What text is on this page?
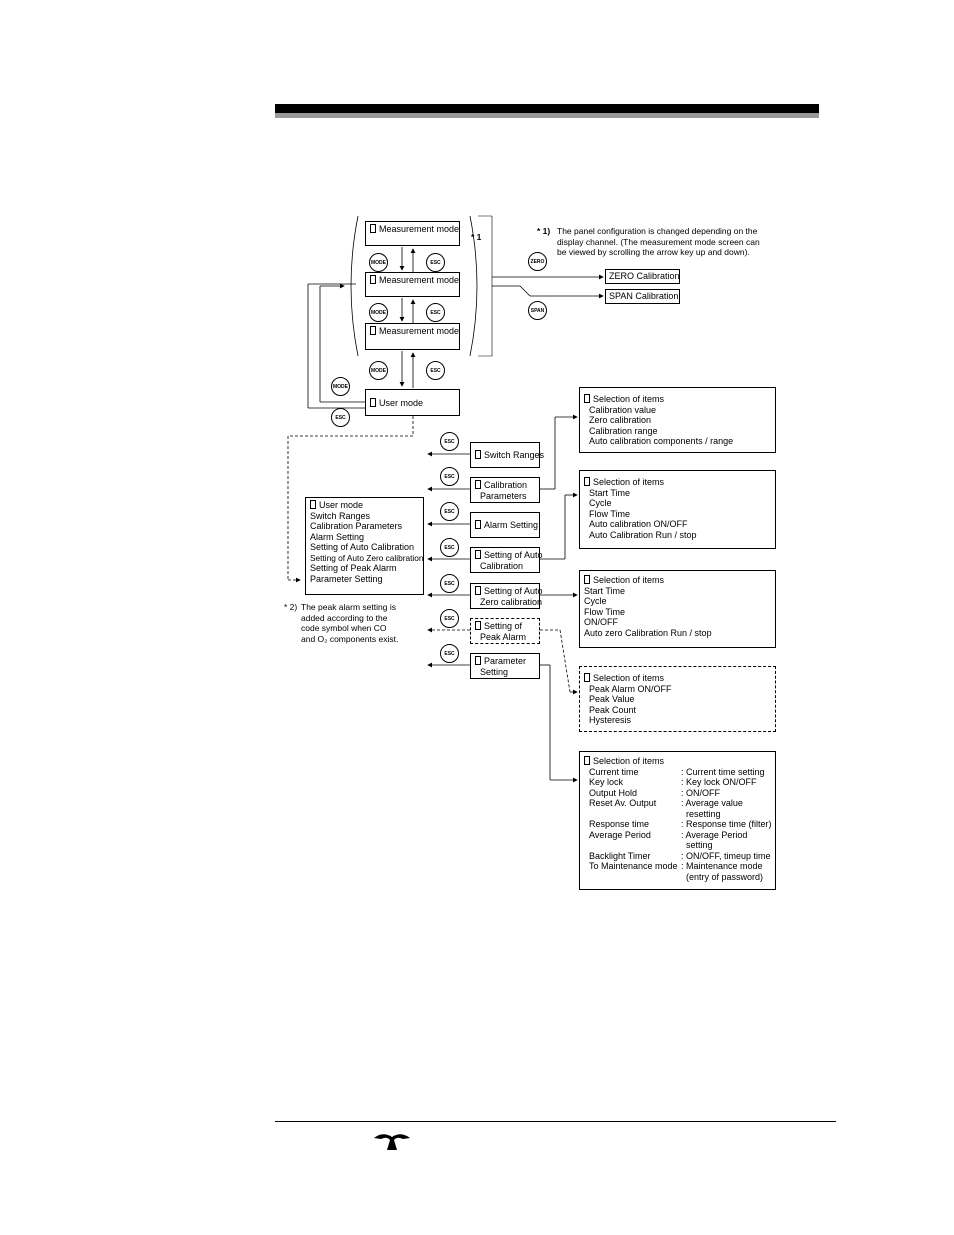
Measurement mode
Measurement mode
Measurement mode
* 1
User mode
MODE	ESC
MODE	ESC
MODE	ESC
MODE
ESC
ZERO
SPAN
* 1) The panel configuration is changed depending on the
display channel. (The measurement mode screen can
be viewed by scrolling the arrow key up and down).
ZERO Calibration
SPAN Calibration
User mode
Switch Ranges
Calibration Parameters
Alarm Setting
Setting of Auto Calibration
Setting of Auto Zero calibration
Setting of Peak Alarm
Parameter Setting
* 2) The peak alarm setting is
added according to the
code symbol when CO
and O₂ components exist.
ESC
ESC
ESC
ESC
ESC
ESC
ESC
Switch Ranges
Calibration
Parameters
Alarm Setting
Setting of Auto
Calibration
Setting of Auto
Zero calibration
Setting of
Peak Alarm
Parameter
Setting
Selection of items
Calibration value
Zero calibration
Calibration range
Auto calibration components / range
Selection of items
Start Time
Cycle
Flow Time
Auto calibration ON/OFF
Auto Calibration Run / stop
Selection of items
Start Time
Cycle
Flow Time
ON/OFF
Auto zero Calibration Run / stop
Selection of items
Peak Alarm ON/OFF
Peak Value
Peak Count
Hysteresis
Selection of items
Current time	: Current time setting
Key lock	: Key lock ON/OFF
Output Hold	: ON/OFF
Reset Av. Output	: Average value
resetting
Response time	: Response time (filter)
Average Period	: Average Period
setting
Backlight Timer	: ON/OFF, timeup time
To Maintenance mode : Maintenance mode
(entry of password)
